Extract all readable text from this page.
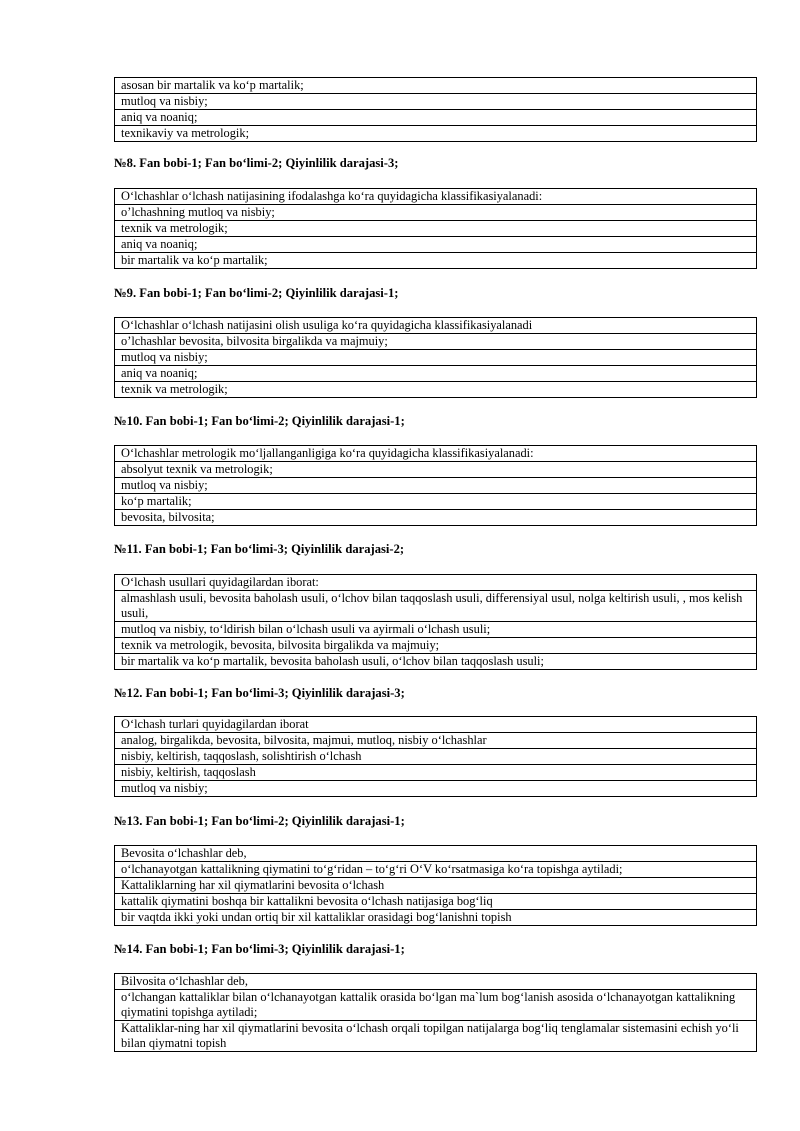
asosan bir martalik va ko‘p martalik;
mutloq va nisbiy;
aniq va noaniq;
texnikaviy va metrologik;
№8. Fan bobi-1; Fan bo‘limi-2; Qiyinlilik darajasi-3;
O‘lchashlar o‘lchash natijasining ifodalashga ko‘ra quyidagicha klassifikasiyalanadi:
o’lchashning mutloq va nisbiy;
texnik va metrologik;
aniq va noaniq;
bir martalik va ko‘p martalik;
№9. Fan bobi-1; Fan bo‘limi-2; Qiyinlilik darajasi-1;
O‘lchashlar o‘lchash natijasini olish usuliga ko‘ra quyidagicha klassifikasiyalanadi
o’lchashlar bevosita, bilvosita birgalikda va majmuiy;
mutloq va nisbiy;
aniq va noaniq;
texnik va metrologik;
№10. Fan bobi-1; Fan bo‘limi-2; Qiyinlilik darajasi-1;
O‘lchashlar metrologik mo‘ljallanganligiga ko‘ra quyidagicha klassifikasiyalanadi:
absolyut texnik va metrologik;
mutloq va nisbiy;
ko‘p martalik;
bevosita, bilvosita;
№11. Fan bobi-1; Fan bo‘limi-3; Qiyinlilik darajasi-2;
O‘lchash usullari quyidagilardan iborat:
almashlash usuli, bevosita baholash usuli, o‘lchov bilan taqqoslash usuli, differensiyal usul, nolga keltirish usuli, , mos kelish usuli,
mutloq va nisbiy, to‘ldirish bilan o‘lchash usuli va ayirmali o‘lchash usuli;
texnik va metrologik, bevosita, bilvosita birgalikda va majmuiy;
bir martalik va ko‘p martalik, bevosita baholash usuli, o‘lchov bilan taqqoslash usuli;
№12. Fan bobi-1; Fan bo‘limi-3; Qiyinlilik darajasi-3;
O‘lchash turlari quyidagilardan iborat
analog, birgalikda, bevosita, bilvosita, majmui, mutloq, nisbiy o‘lchashlar
nisbiy, keltirish, taqqoslash, solishtirish o‘lchash
nisbiy, keltirish, taqqoslash
mutloq va nisbiy;
№13. Fan bobi-1; Fan bo‘limi-2; Qiyinlilik darajasi-1;
Bevosita o‘lchashlar deb,
o‘lchanayotgan kattalikning qiymatini to‘g‘ridan – to‘g‘ri O‘V ko‘rsatmasiga ko‘ra topishga aytiladi;
Kattaliklarning har xil qiymatlarini bevosita o‘lchash
kattalik qiymatini boshqa bir kattalikni bevosita o‘lchash natijasiga bog‘liq
bir vaqtda ikki yoki undan ortiq bir xil kattaliklar orasidagi bog‘lanishni topish
№14. Fan bobi-1; Fan bo‘limi-3; Qiyinlilik darajasi-1;
Bilvosita o‘lchashlar deb,
o‘lchangan kattaliklar bilan o‘lchanayotgan kattalik orasida bo‘lgan ma`lum bog‘lanish asosida o‘lchanayotgan kattalikning qiymatini topishga aytiladi;
Kattaliklar-ning har xil qiymatlarini bevosita o‘lchash orqali topilgan natijalarga bog‘liq tenglamalar sistemasini echish yo‘li bilan qiymatni topish
